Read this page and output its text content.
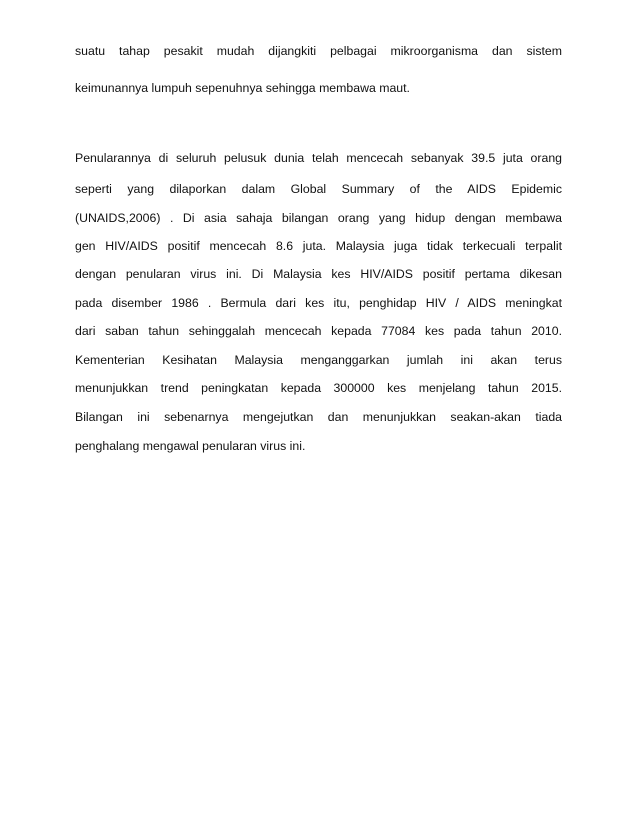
suatu tahap pesakit mudah dijangkiti pelbagai mikroorganisma dan sistem
keimunannya lumpuh sepenuhnya sehingga membawa maut.
Penularannya di seluruh pelusuk dunia telah mencecah sebanyak 39.5 juta orang
seperti yang dilaporkan dalam Global Summary of the AIDS Epidemic
(UNAIDS,2006) . Di asia sahaja bilangan orang yang hidup dengan membawa
gen HIV/AIDS positif mencecah 8.6 juta. Malaysia juga tidak terkecuali terpalit
dengan penularan virus ini. Di Malaysia kes HIV/AIDS positif pertama dikesan
pada disember 1986 . Bermula dari kes itu, penghidap HIV / AIDS meningkat
dari saban tahun sehinggalah mencecah kepada 77084 kes pada tahun 2010.
Kementerian Kesihatan Malaysia menganggarkan jumlah ini akan terus
menunjukkan trend peningkatan kepada 300000 kes menjelang tahun 2015.
Bilangan ini sebenarnya mengejutkan dan menunjukkan seakan-akan tiada
penghalang mengawal penularan virus ini.
